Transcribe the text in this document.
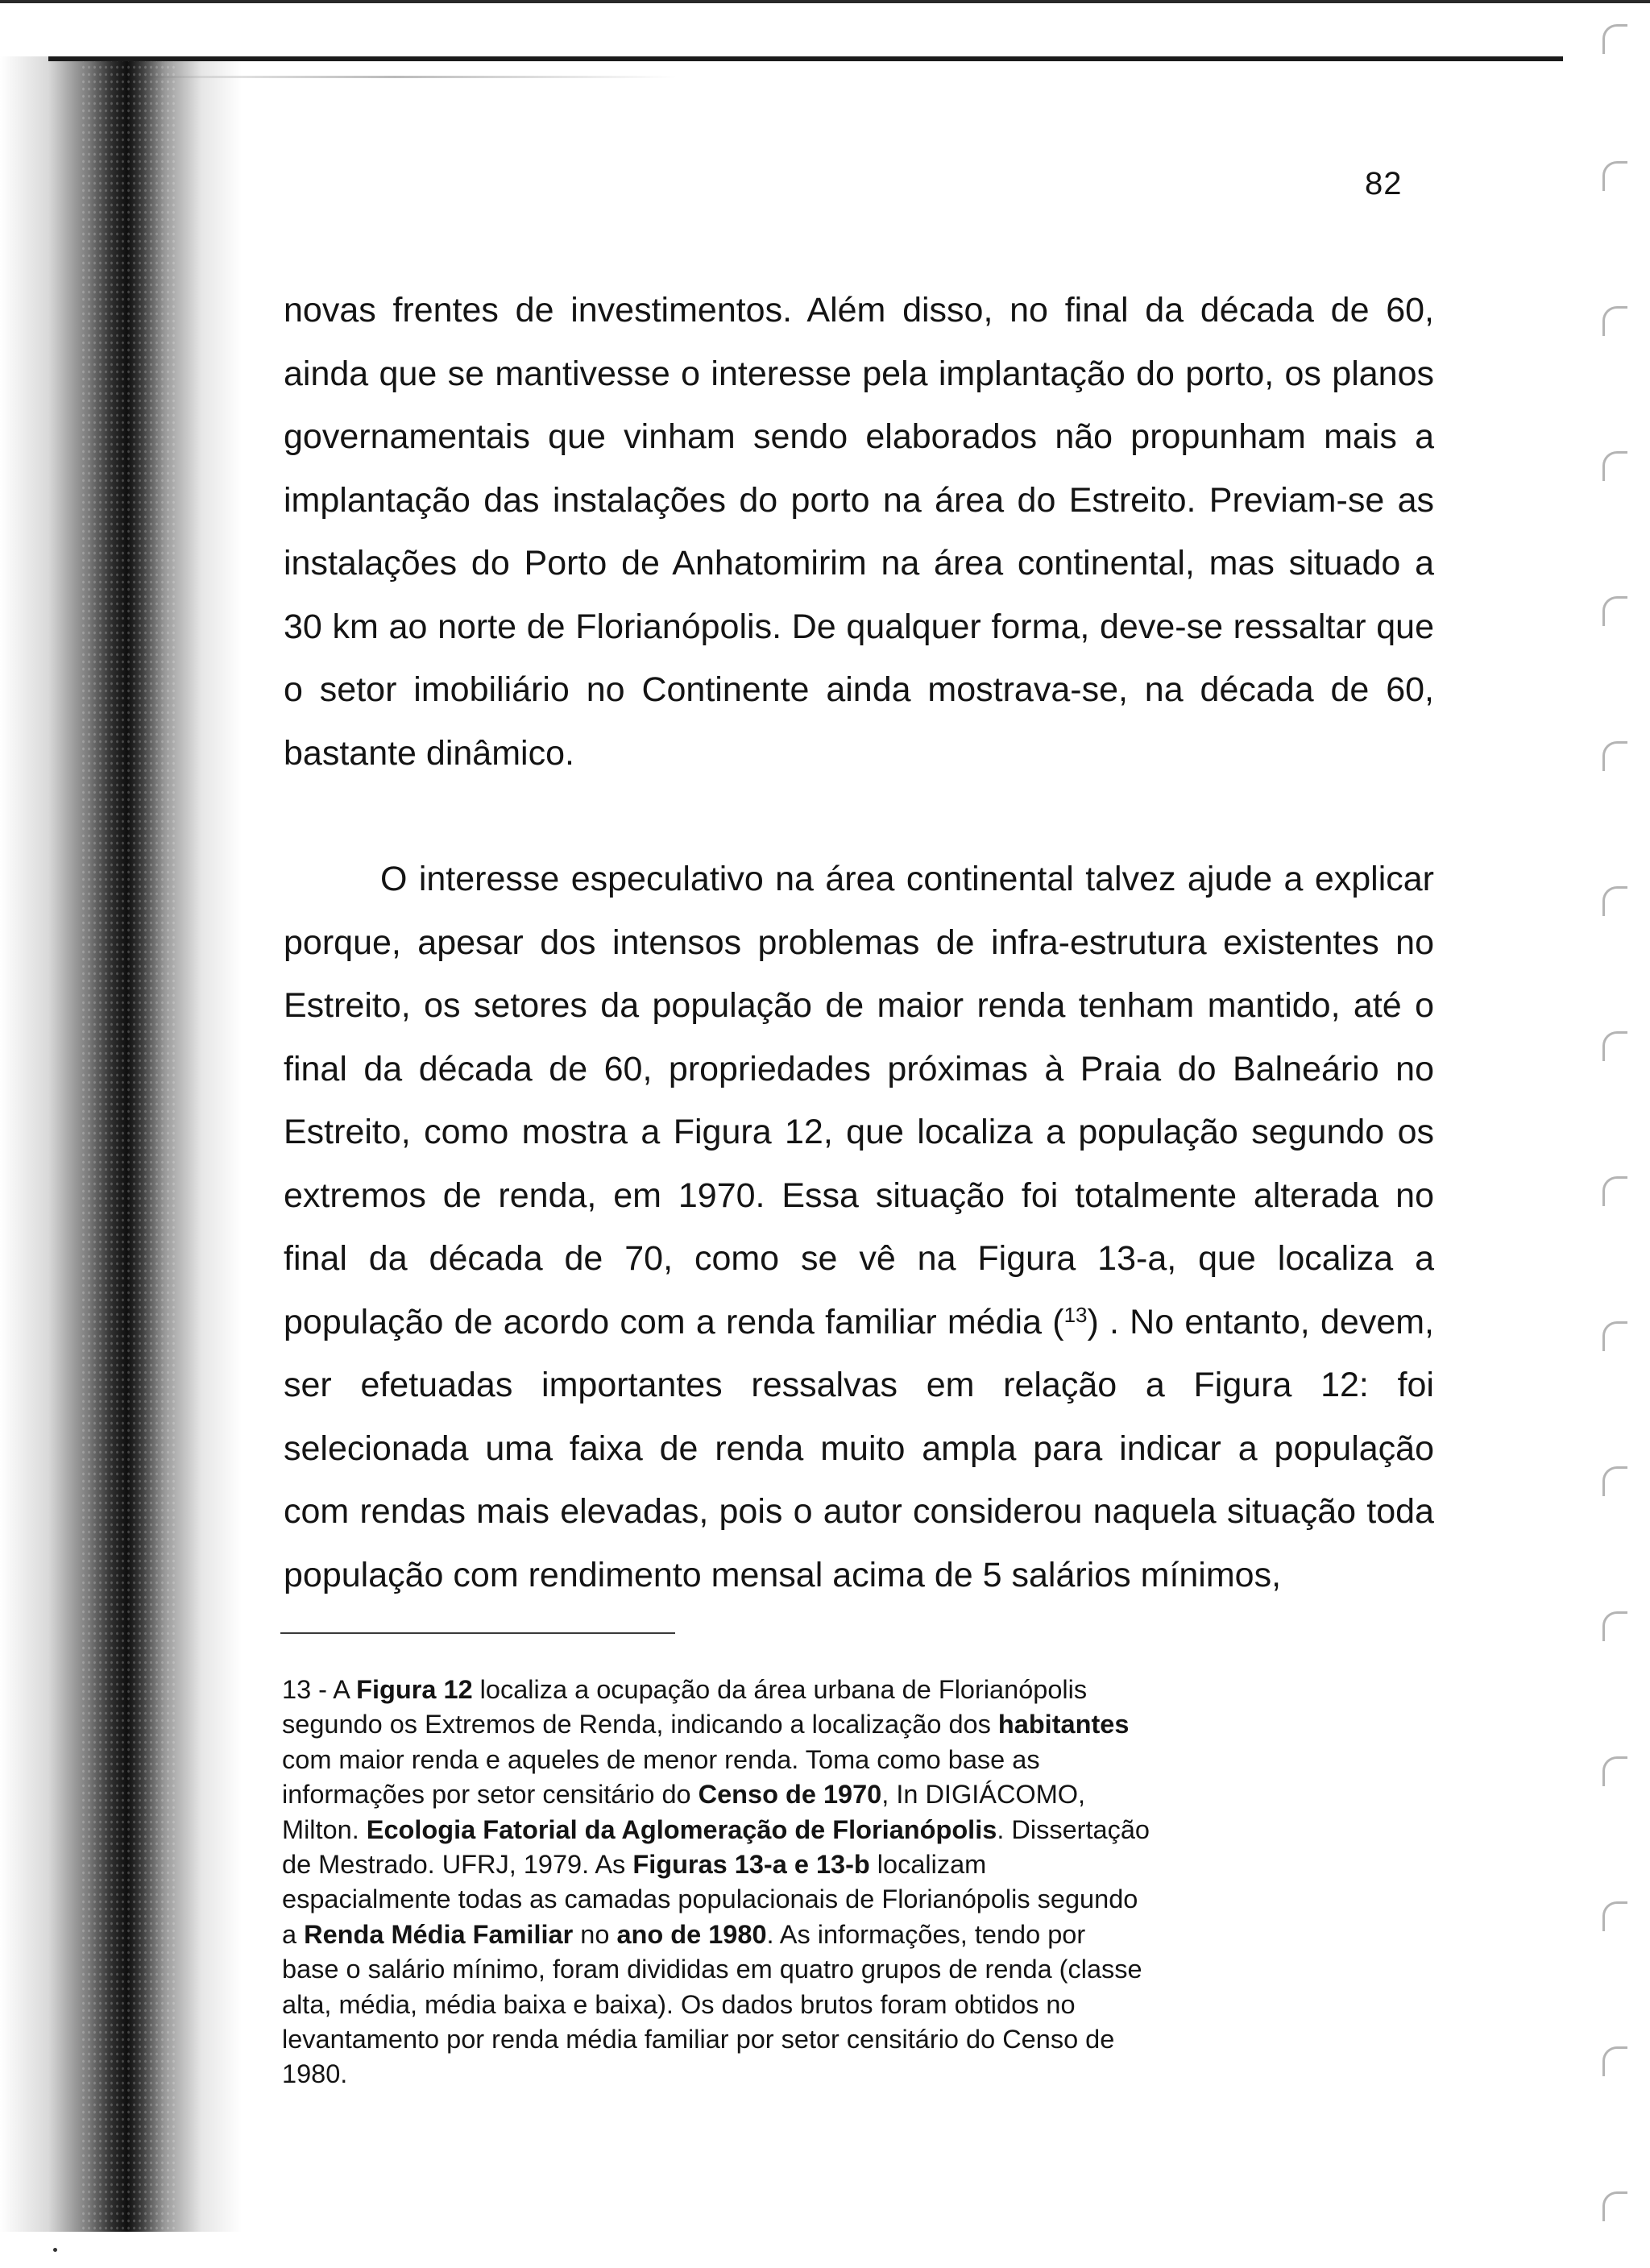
82

novas frentes de investimentos. Além disso, no final da década de 60, ainda que se mantivesse o interesse pela implantação do porto, os planos governamentais que vinham sendo elaborados não propunham mais a implantação das instalações do porto na área do Estreito. Previam-se as instalações do Porto de Anhatomirim na área continental, mas situado a 30 km ao norte de Florianópolis. De qualquer forma, deve-se ressaltar que o setor imobiliário no Continente ainda mostrava-se, na década de 60, bastante dinâmico.

O interesse especulativo na área continental talvez ajude a explicar porque, apesar dos intensos problemas de infra-estrutura existentes no Estreito, os setores da população de maior renda tenham mantido, até o final da década de 60, propriedades próximas à Praia do Balneário no Estreito, como mostra a Figura 12, que localiza a população segundo os extremos de renda, em 1970. Essa situação foi totalmente alterada no final da década de 70, como se vê na Figura 13-a, que localiza a população de acordo com a renda familiar média ($^{13}$) . No entanto, devem, ser efetuadas importantes ressalvas em relação a Figura 12: foi selecionada uma faixa de renda muito ampla para indicar a população com rendas mais elevadas, pois o autor considerou naquela situação toda população com rendimento mensal acima de 5 salários mínimos,

13 - A Figura 12 localiza a ocupação da área urbana de Florianópolis
segundo os Extremos de Renda, indicando a localização dos habitantes
com maior renda e aqueles de menor renda. Toma como base as
informações por setor censitário do Censo de 1970, In DIGIÁCOMO,
Milton. Ecologia Fatorial da Aglomeração de Florianópolis. Dissertação
de Mestrado. UFRJ, 1979. As Figuras 13-a e 13-b localizam
espacialmente todas as camadas populacionais de Florianópolis segundo
a Renda Média Familiar no ano de 1980. As informações, tendo por
base o salário mínimo, foram divididas em quatro grupos de renda (classe
alta, média, média baixa e baixa). Os dados brutos foram obtidos no
levantamento por renda média familiar por setor censitário do Censo de
1980.
